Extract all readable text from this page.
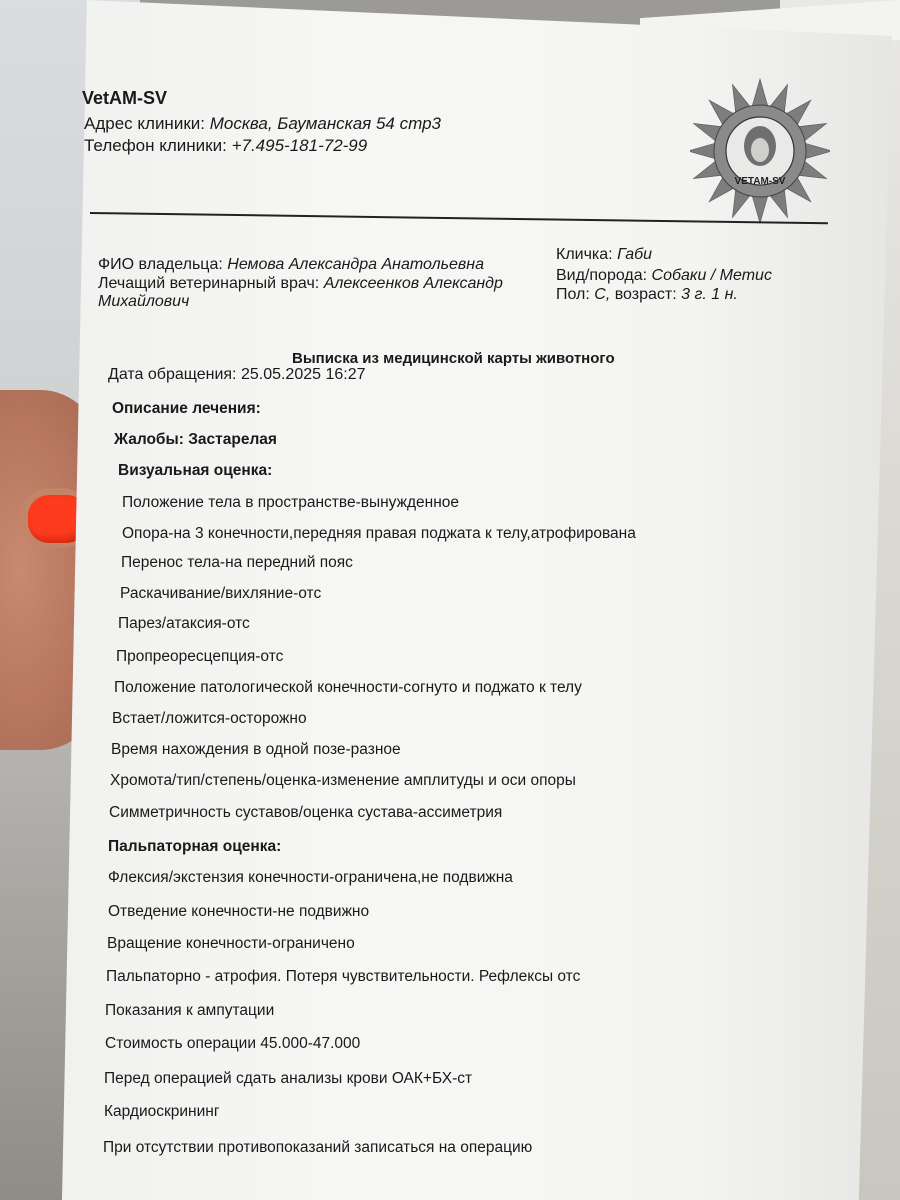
VetAM-SV
Адрес клиники: Москва, Бауманская 54 стр3
Телефон клиники: +7.495-181-72-99
VETAM-SV
ФИО владельца: Немова Александра Анатольевна
Лечащий ветеринарный врач: Алексеенков Александр
Михайлович
Кличка: Габи
Вид/порода: Собаки / Метис
Пол: С, возраст: 3 г. 1 н.
Выписка из медицинской карты животного
Дата обращения: 25.05.2025 16:27
Описание лечения:
Жалобы: Застарелая
Визуальная оценка:
Положение тела в пространстве-вынужденное
Опора-на 3 конечности,передняя правая поджата к телу,атрофирована
Перенос тела-на передний пояс
Раскачивание/вихляние-отс
Парез/атаксия-отс
Пропреоресцепция-отс
Положение патологической конечности-согнуто и поджато к телу
Встает/ложится-осторожно
Время нахождения в одной позе-разное
Хромота/тип/степень/оценка-изменение амплитуды и оси опоры
Симметричность суставов/оценка сустава-ассиметрия
Пальпаторная оценка:
Флексия/экстензия конечности-ограничена,не подвижна
Отведение конечности-не подвижно
Вращение конечности-ограничено
Пальпаторно - атрофия. Потеря чувствительности. Рефлексы отс
Показания к ампутации
Стоимость операции 45.000-47.000
Перед операцией сдать анализы крови ОАК+БХ-ст
Кардиоскрининг
При отсутствии противопоказаний записаться на операцию
